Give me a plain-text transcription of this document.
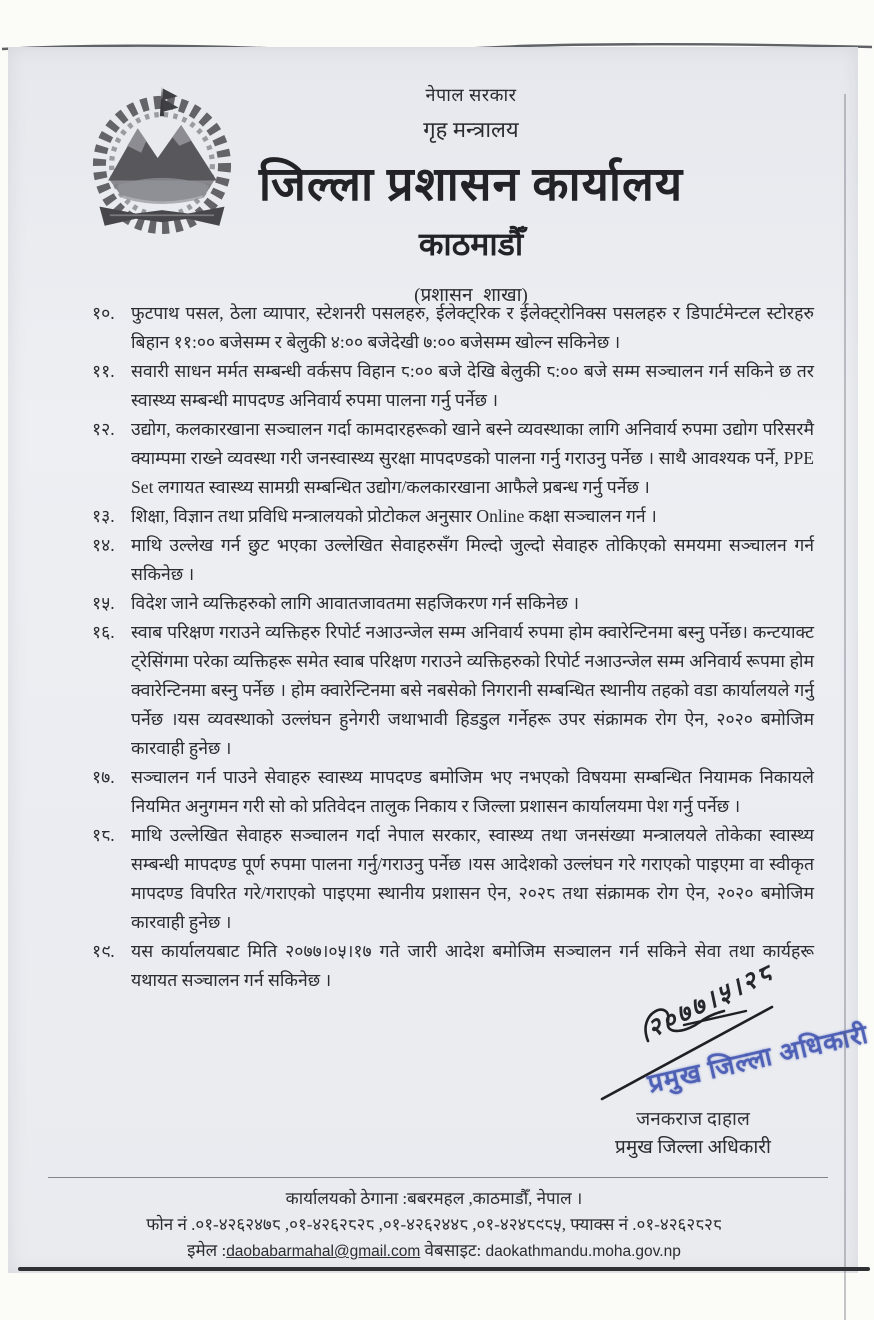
नेपाल सरकार
गृह मन्त्रालय
जिल्ला प्रशासन कार्यालय
काठमाडौँ
(प्रशासन शाखा)
१०. फुटपाथ पसल, ठेला व्यापार, स्टेशनरी पसलहरु, ईलेक्ट्रिक र ईलेक्ट्रोनिक्स पसलहरु र डिपार्टमेन्टल स्टोरहरु बिहान ११:०० बजेसम्म र बेलुकी ४:०० बजेदेखी ७:०० बजेसम्म खोल्न सकिनेछ ।
११. सवारी साधन मर्मत सम्बन्धी वर्कसप विहान ८:०० बजे देखि बेलुकी ८:०० बजे सम्म सञ्चालन गर्न सकिने छ तर स्वास्थ्य सम्बन्धी मापदण्ड अनिवार्य रुपमा पालना गर्नु पर्नेछ ।
१२. उद्योग, कलकारखाना सञ्चालन गर्दा कामदारहरूको खाने बस्ने व्यवस्थाका लागि अनिवार्य रुपमा उद्योग परिसरमै क्याम्पमा राख्ने व्यवस्था गरी जनस्वास्थ्य सुरक्षा मापदण्डको पालना गर्नु गराउनु पर्नेछ । साथै आवश्यक पर्ने, PPE Set लगायत स्वास्थ्य सामग्री सम्बन्धित उद्योग/कलकारखाना आफैले प्रबन्ध गर्नु पर्नेछ ।
१३. शिक्षा, विज्ञान तथा प्रविधि मन्त्रालयको प्रोटोकल अनुसार Online कक्षा सञ्चालन गर्न ।
१४. माथि उल्लेख गर्न छुट भएका उल्लेखित सेवाहरुसँग मिल्दो जुल्दो सेवाहरु तोकिएको समयमा सञ्चालन गर्न सकिनेछ ।
१५. विदेश जाने व्यक्तिहरुको लागि आवातजावतमा सहजिकरण गर्न सकिनेछ ।
१६. स्वाब परिक्षण गराउने व्यक्तिहरु रिपोर्ट नआउन्जेल सम्म अनिवार्य रुपमा होम क्वारेन्टिनमा बस्नु पर्नेछ। कन्टयाक्ट ट्रेसिंगमा परेका व्यक्तिहरू समेत स्वाब परिक्षण गराउने व्यक्तिहरुको रिपोर्ट नआउन्जेल सम्म अनिवार्य रूपमा होम क्वारेन्टिनमा बस्नु पर्नेछ । होम क्वारेन्टिनमा बसे नबसेको निगरानी सम्बन्धित स्थानीय तहको वडा कार्यालयले गर्नु पर्नेछ ।यस व्यवस्थाको उल्लंघन हुनेगरी जथाभावी हिडडुल गर्नेहरू उपर संक्रामक रोग ऐन, २०२० बमोजिम कारवाही हुनेछ ।
१७. सञ्चालन गर्न पाउने सेवाहरु स्वास्थ्य मापदण्ड बमोजिम भए नभएको विषयमा सम्बन्धित नियामक निकायले नियमित अनुगमन गरी सो को प्रतिवेदन तालुक निकाय र जिल्ला प्रशासन कार्यालयमा पेश गर्नु पर्नेछ ।
१८. माथि उल्लेखित सेवाहरु सञ्चालन गर्दा नेपाल सरकार, स्वास्थ्य तथा जनसंख्या मन्त्रालयले तोकेका स्वास्थ्य सम्बन्धी मापदण्ड पूर्ण रुपमा पालना गर्नु/गराउनु पर्नेछ ।यस आदेशको उल्लंघन गरे गराएको पाइएमा वा स्वीकृत मापदण्ड विपरित गरे/गराएको पाइएमा स्थानीय प्रशासन ऐन, २०२८ तथा संक्रामक रोग ऐन, २०२० बमोजिम कारवाही हुनेछ ।
१९. यस कार्यालयबाट मिति २०७७।०५।१७ गते जारी आदेश बमोजिम सञ्चालन गर्न सकिने सेवा तथा कार्यहरू यथायत सञ्चालन गर्न सकिनेछ ।	२०७७।५।२८
प्रमुख जिल्ला अधिकारी
जनकराज दाहाल
प्रमुख जिल्ला अधिकारी
कार्यालयको ठेगाना :बबरमहल ,काठमाडौँ, नेपाल ।
फोन नं .०१-४२६२४७८ ,०१-४२६२८२८ ,०१-४२६२४४८ ,०१-४२४८९८५, फ्याक्स नं .०१-४२६२८२८
इमेल :daobabarmahal@gmail.com वेबसाइट: daokathmandu.moha.gov.np
